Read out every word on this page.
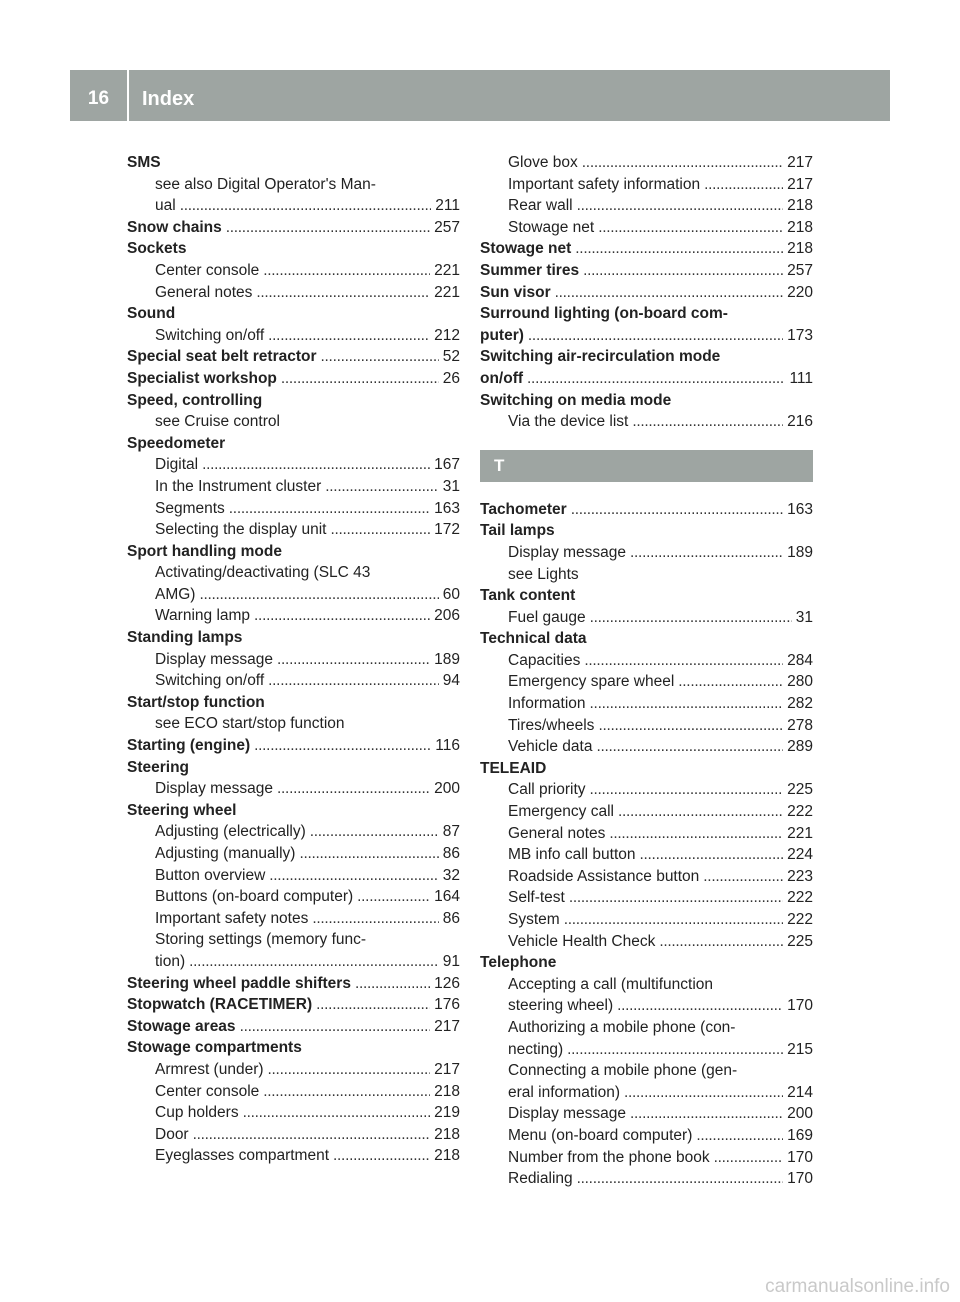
16	Index
SMS
see also Digital Operator's Man-
ual . . .	211
Snow chains . . .	257
Sockets
Center console . . .	221
General notes . . .	221
Sound
Switching on/off . . .	212
Special seat belt retractor . . .	52
Specialist workshop . . .	26
Speed, controlling
see Cruise control
Speedometer
Digital . . .	167
In the Instrument cluster . . .	31
Segments . . .	163
Selecting the display unit . . .	172
Sport handling mode
Activating/deactivating (SLC 43
AMG) . . .	60
Warning lamp . . .	206
Standing lamps
Display message . . .	189
Switching on/off . . .	94
Start/stop function
see ECO start/stop function
Starting (engine) . . .	116
Steering
Display message . . .	200
Steering wheel
Adjusting (electrically) . . .	87
Adjusting (manually) . . .	86
Button overview . . .	32
Buttons (on-board computer) . . .	164
Important safety notes . . .	86
Storing settings (memory func-
tion) . . .	91
Steering wheel paddle shifters . . .	126
Stopwatch (RACETIMER) . . .	176
Stowage areas . . .	217
Stowage compartments
Armrest (under) . . .	217
Center console . . .	218
Cup holders . . .	219
Door . . .	218
Eyeglasses compartment . . .	218
Glove box . . .	217
Important safety information . . .	217
Rear wall . . .	218
Stowage net . . .	218
Stowage net . . .	218
Summer tires . . .	257
Sun visor . . .	220
Surround lighting (on-board com-
puter) . . .	173
Switching air-recirculation mode
on/off . . .	111
Switching on media mode
Via the device list . . .	216
T
Tachometer . . .	163
Tail lamps
Display message . . .	189
see Lights
Tank content
Fuel gauge . . .	31
Technical data
Capacities . . .	284
Emergency spare wheel . . .	280
Information . . .	282
Tires/wheels . . .	278
Vehicle data . . .	289
TELEAID
Call priority . . .	225
Emergency call . . .	222
General notes . . .	221
MB info call button . . .	224
Roadside Assistance button . . .	223
Self-test . . .	222
System . . .	222
Vehicle Health Check . . .	225
Telephone
Accepting a call (multifunction
steering wheel) . . .	170
Authorizing a mobile phone (con-
necting) . . .	215
Connecting a mobile phone (gen-
eral information) . . .	214
Display message . . .	200
Menu (on-board computer) . . .	169
Number from the phone book . . .	170
Redialing . . .	170
carmanualsonline.info
